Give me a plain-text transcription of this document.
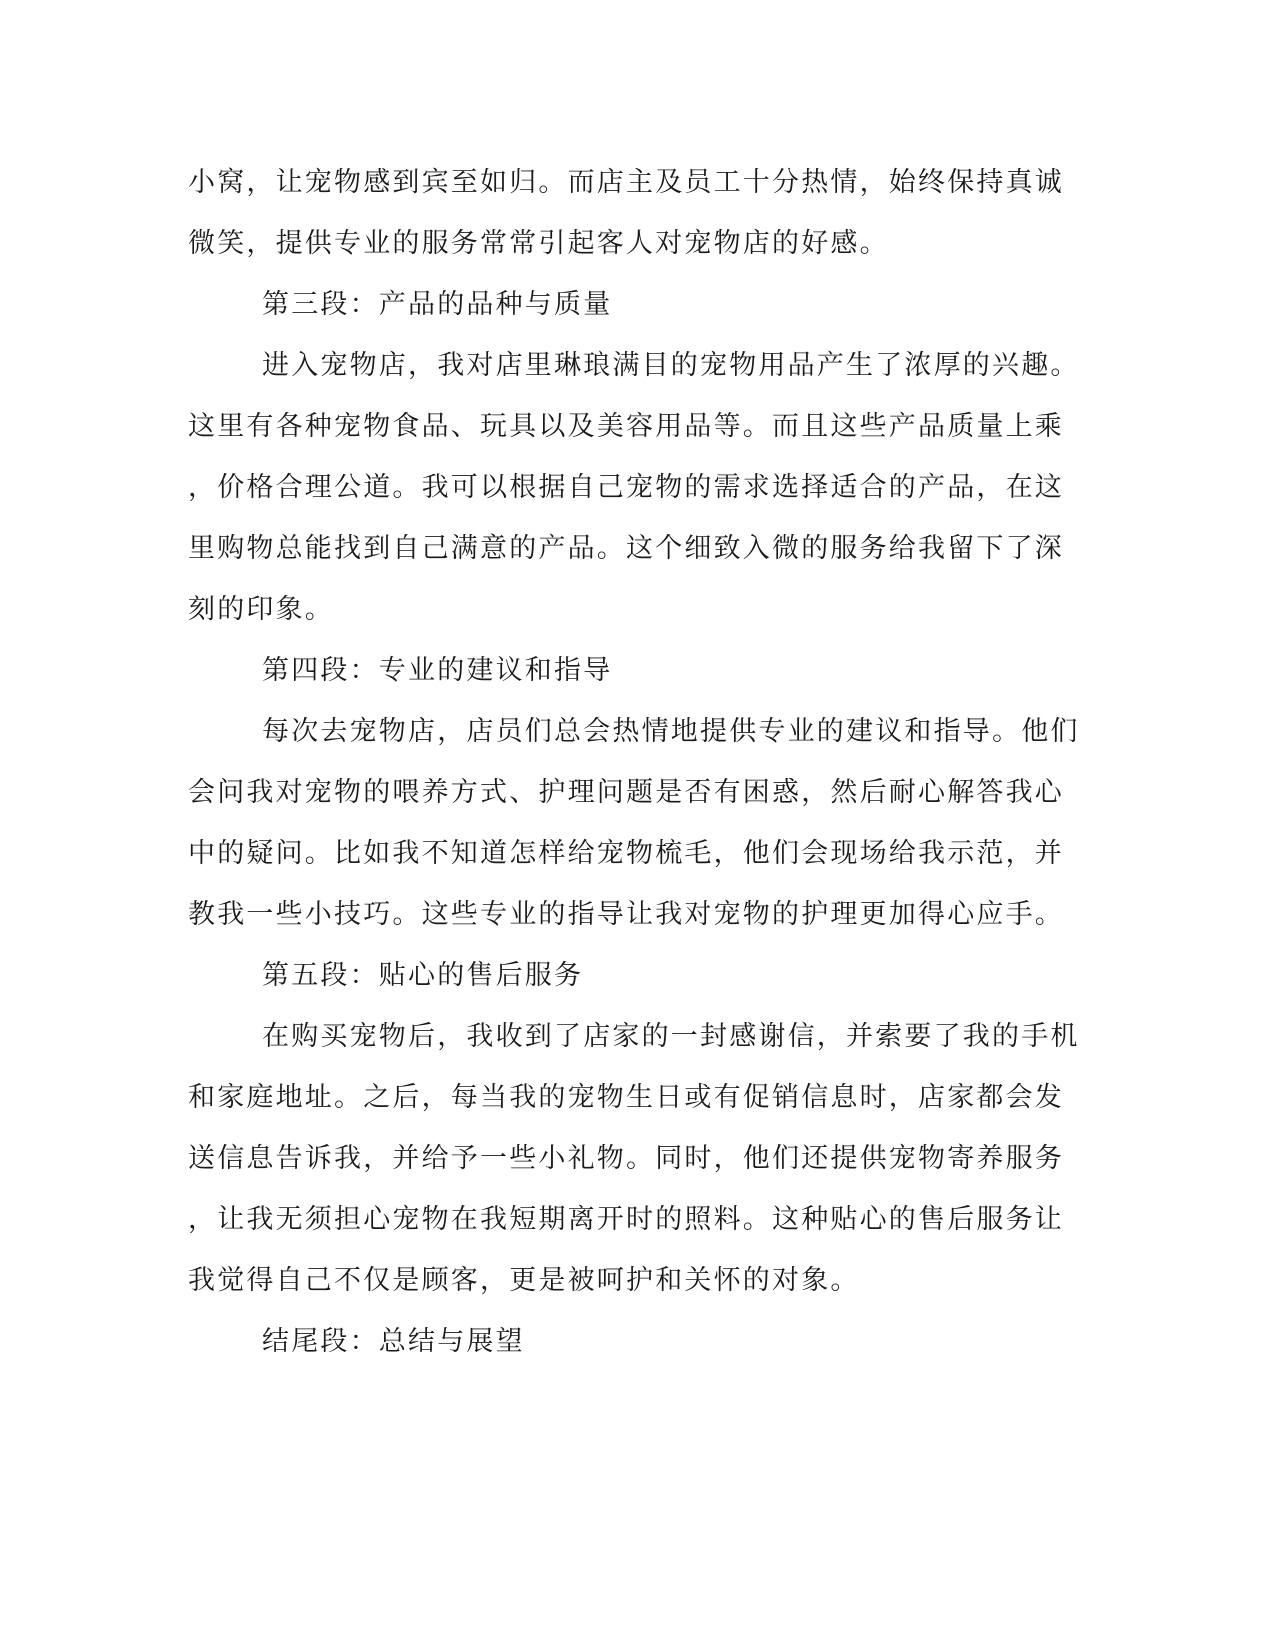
小窝，让宠物感到宾至如归。而店主及员工十分热情，始终保持真诚
微笑，提供专业的服务常常引起客人对宠物店的好感。
第三段：产品的品种与质量
进入宠物店，我对店里琳琅满目的宠物用品产生了浓厚的兴趣。
这里有各种宠物食品、玩具以及美容用品等。而且这些产品质量上乘
，价格合理公道。我可以根据自己宠物的需求选择适合的产品，在这
里购物总能找到自己满意的产品。这个细致入微的服务给我留下了深
刻的印象。
第四段：专业的建议和指导
每次去宠物店，店员们总会热情地提供专业的建议和指导。他们
会问我对宠物的喂养方式、护理问题是否有困惑，然后耐心解答我心
中的疑问。比如我不知道怎样给宠物梳毛，他们会现场给我示范，并
教我一些小技巧。这些专业的指导让我对宠物的护理更加得心应手。
第五段：贴心的售后服务
在购买宠物后，我收到了店家的一封感谢信，并索要了我的手机
和家庭地址。之后，每当我的宠物生日或有促销信息时，店家都会发
送信息告诉我，并给予一些小礼物。同时，他们还提供宠物寄养服务
，让我无须担心宠物在我短期离开时的照料。这种贴心的售后服务让
我觉得自己不仅是顾客，更是被呵护和关怀的对象。
结尾段：总结与展望
